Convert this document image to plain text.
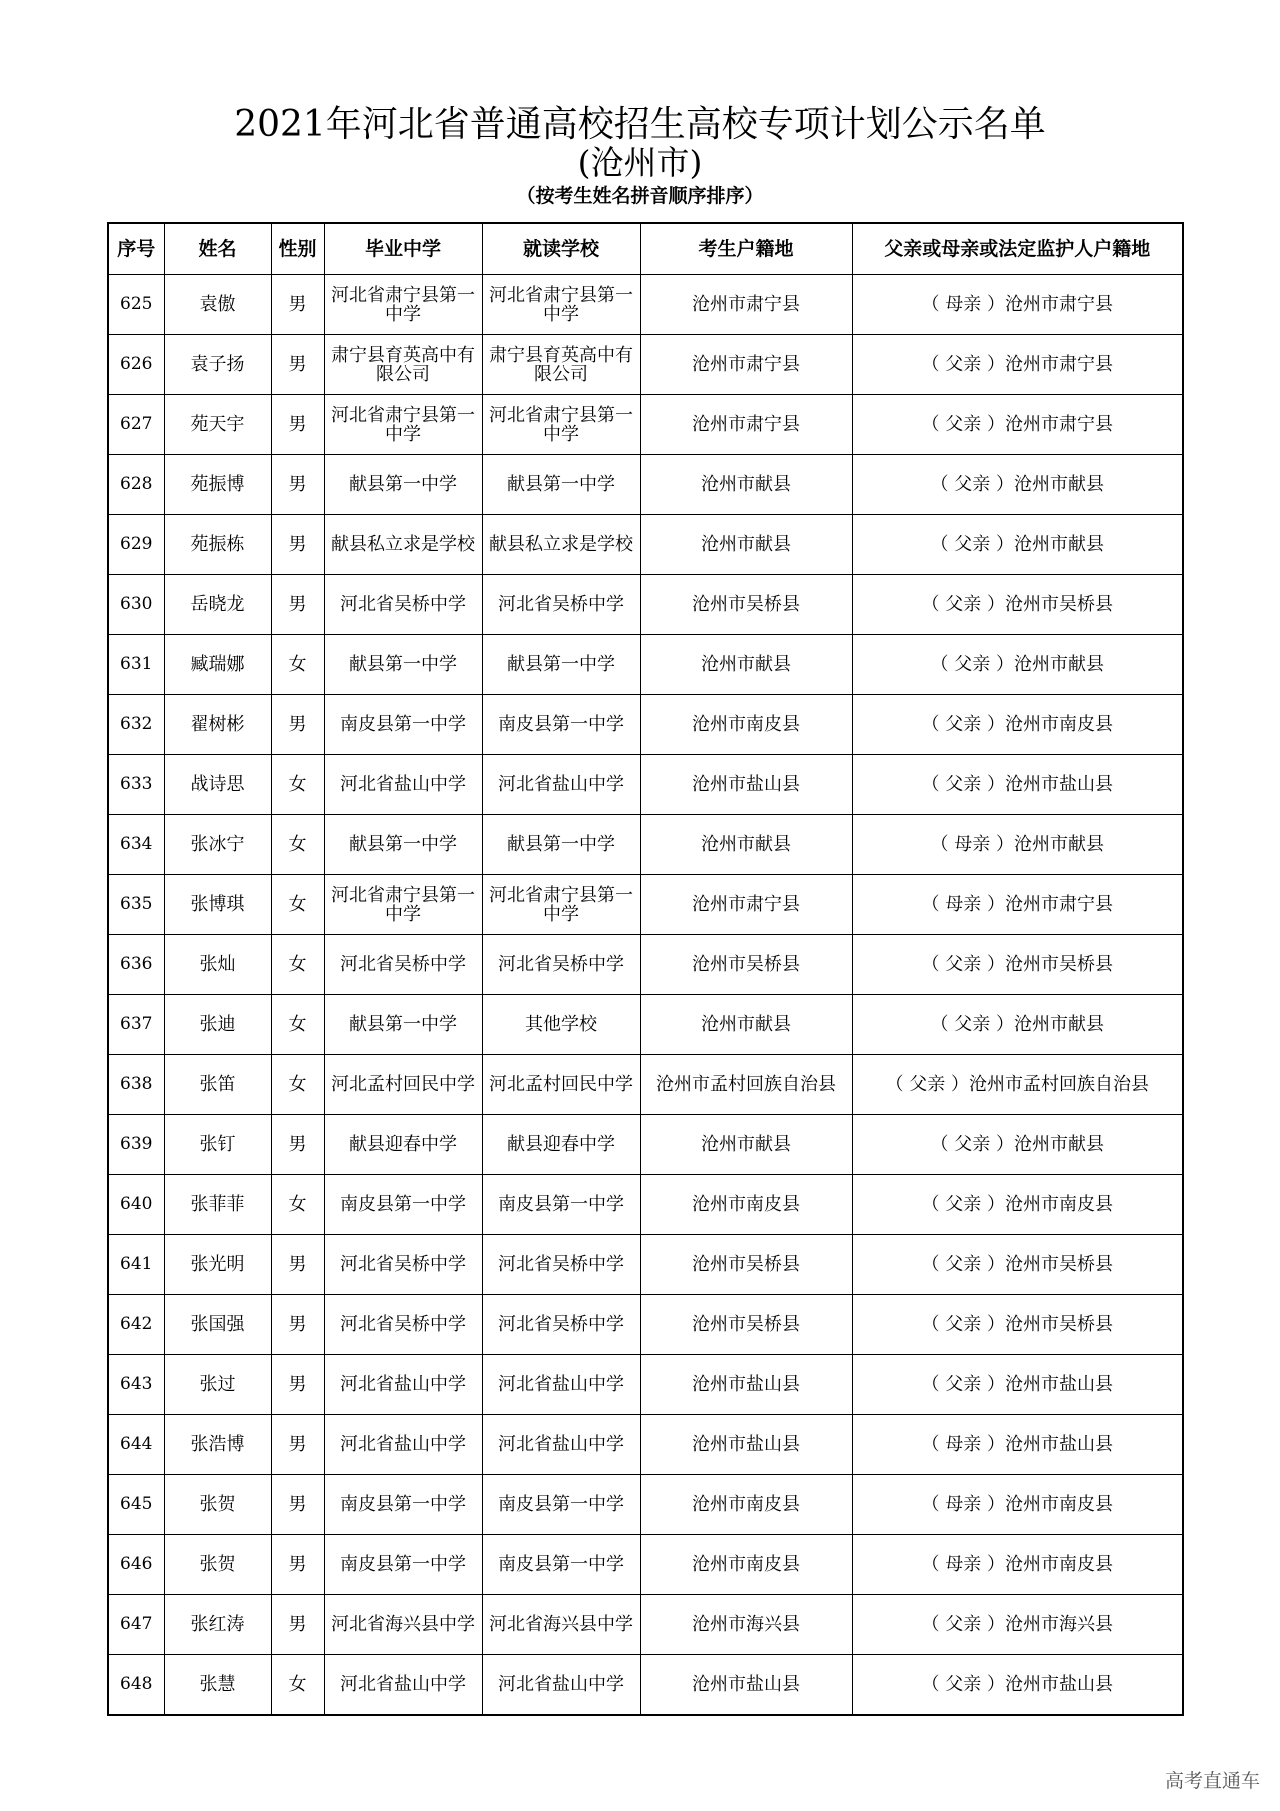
2021年河北省普通高校招生高校专项计划公示名单
(沧州市)
（按考生姓名拼音顺序排序）
序号	姓名	性别	毕业中学	就读学校	考生户籍地	父亲或母亲或法定监护人户籍地
625	袁傲	男	河北省肃宁县第一中学	河北省肃宁县第一中学	沧州市肃宁县	（ 母亲 ）沧州市肃宁县
626	袁子扬	男	肃宁县育英高中有限公司	肃宁县育英高中有限公司	沧州市肃宁县	（ 父亲 ）沧州市肃宁县
627	苑天宇	男	河北省肃宁县第一中学	河北省肃宁县第一中学	沧州市肃宁县	（ 父亲 ）沧州市肃宁县
628	苑振博	男	献县第一中学	献县第一中学	沧州市献县	（ 父亲 ）沧州市献县
629	苑振栋	男	献县私立求是学校	献县私立求是学校	沧州市献县	（ 父亲 ）沧州市献县
630	岳晓龙	男	河北省吴桥中学	河北省吴桥中学	沧州市吴桥县	（ 父亲 ）沧州市吴桥县
631	臧瑞娜	女	献县第一中学	献县第一中学	沧州市献县	（ 父亲 ）沧州市献县
632	翟树彬	男	南皮县第一中学	南皮县第一中学	沧州市南皮县	（ 父亲 ）沧州市南皮县
633	战诗思	女	河北省盐山中学	河北省盐山中学	沧州市盐山县	（ 父亲 ）沧州市盐山县
634	张冰宁	女	献县第一中学	献县第一中学	沧州市献县	（ 母亲 ）沧州市献县
635	张博琪	女	河北省肃宁县第一中学	河北省肃宁县第一中学	沧州市肃宁县	（ 母亲 ）沧州市肃宁县
636	张灿	女	河北省吴桥中学	河北省吴桥中学	沧州市吴桥县	（ 父亲 ）沧州市吴桥县
637	张迪	女	献县第一中学	其他学校	沧州市献县	（ 父亲 ）沧州市献县
638	张笛	女	河北孟村回民中学	河北孟村回民中学	沧州市孟村回族自治县	（ 父亲 ）沧州市孟村回族自治县
639	张钉	男	献县迎春中学	献县迎春中学	沧州市献县	（ 父亲 ）沧州市献县
640	张菲菲	女	南皮县第一中学	南皮县第一中学	沧州市南皮县	（ 父亲 ）沧州市南皮县
641	张光明	男	河北省吴桥中学	河北省吴桥中学	沧州市吴桥县	（ 父亲 ）沧州市吴桥县
642	张国强	男	河北省吴桥中学	河北省吴桥中学	沧州市吴桥县	（ 父亲 ）沧州市吴桥县
643	张过	男	河北省盐山中学	河北省盐山中学	沧州市盐山县	（ 父亲 ）沧州市盐山县
644	张浩博	男	河北省盐山中学	河北省盐山中学	沧州市盐山县	（ 母亲 ）沧州市盐山县
645	张贺	男	南皮县第一中学	南皮县第一中学	沧州市南皮县	（ 母亲 ）沧州市南皮县
646	张贺	男	南皮县第一中学	南皮县第一中学	沧州市南皮县	（ 母亲 ）沧州市南皮县
647	张红涛	男	河北省海兴县中学	河北省海兴县中学	沧州市海兴县	（ 父亲 ）沧州市海兴县
648	张慧	女	河北省盐山中学	河北省盐山中学	沧州市盐山县	（ 父亲 ）沧州市盐山县
高考直通车
